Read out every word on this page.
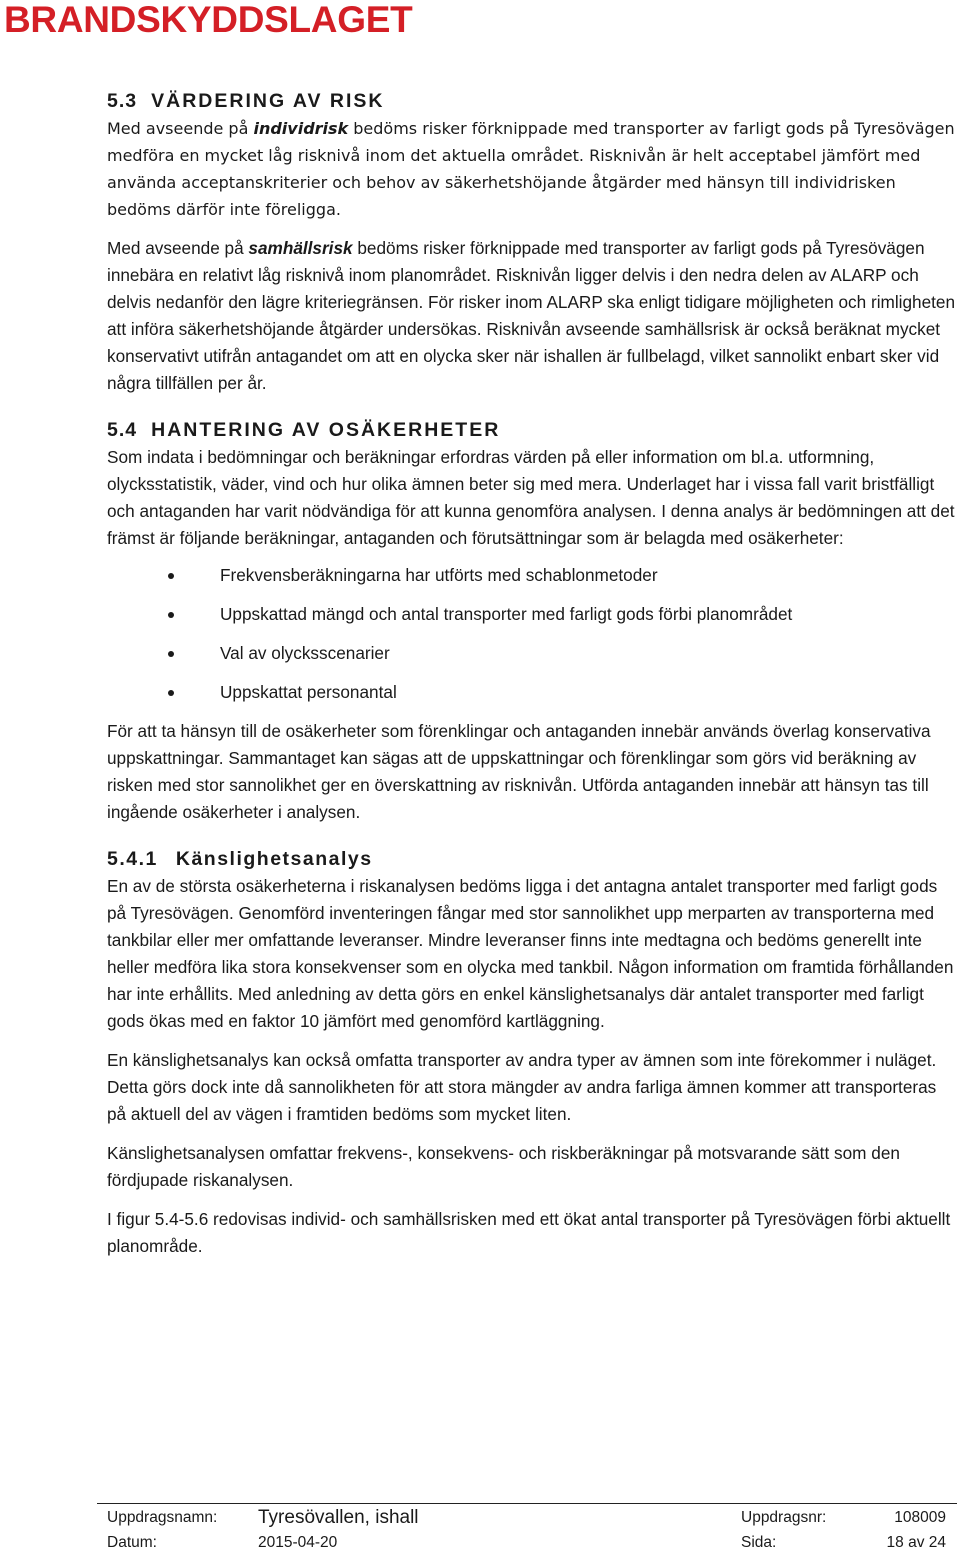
BRANDSKYDDSLAGET
5.3 VÄRDERING AV RISK

Med avseende på individrisk bedöms risker förknippade med transporter av farligt gods på Tyresövägen medföra en mycket låg risknivå inom det aktuella området. Risknivån är helt acceptabel jämfört med använda acceptanskriterier och behov av säkerhetshöjande åtgärder med hänsyn till individrisken bedöms därför inte föreligga.

Med avseende på samhällsrisk bedöms risker förknippade med transporter av farligt gods på Tyresövägen innebära en relativt låg risknivå inom planområdet. Risknivån ligger delvis i den nedra delen av ALARP och delvis nedanför den lägre kriteriegränsen. För risker inom ALARP ska enligt tidigare möjligheten och rimligheten att införa säkerhetshöjande åtgärder undersökas. Risknivån avseende samhällsrisk är också beräknat mycket konservativt utifrån antagandet om att en olycka sker när ishallen är fullbelagd, vilket sannolikt enbart sker vid några tillfällen per år.

5.4 HANTERING AV OSÄKERHETER

Som indata i bedömningar och beräkningar erfordras värden på eller information om bl.a. utformning, olycksstatistik, väder, vind och hur olika ämnen beter sig med mera. Underlaget har i vissa fall varit bristfälligt och antaganden har varit nödvändiga för att kunna genomföra analysen. I denna analys är bedömningen att det främst är följande beräkningar, antaganden och förutsättningar som är belagda med osäkerheter:

Frekvensberäkningarna har utförts med schablonmetoder
Uppskattad mängd och antal transporter med farligt gods förbi planområdet
Val av olycksscenarier
Uppskattat personantal

För att ta hänsyn till de osäkerheter som förenklingar och antaganden innebär används överlag konservativa uppskattningar. Sammantaget kan sägas att de uppskattningar och förenklingar som görs vid beräkning av risken med stor sannolikhet ger en överskattning av risknivån. Utförda antaganden innebär att hänsyn tas till ingående osäkerheter i analysen.

5.4.1 Känslighetsanalys

En av de största osäkerheterna i riskanalysen bedöms ligga i det antagna antalet transporter med farligt gods på Tyresövägen. Genomförd inventeringen fångar med stor sannolikhet upp merparten av transporterna med tankbilar eller mer omfattande leveranser. Mindre leveranser finns inte medtagna och bedöms generellt inte heller medföra lika stora konsekvenser som en olycka med tankbil. Någon information om framtida förhållanden har inte erhållits. Med anledning av detta görs en enkel känslighetsanalys där antalet transporter med farligt gods ökas med en faktor 10 jämfört med genomförd kartläggning.

En känslighetsanalys kan också omfatta transporter av andra typer av ämnen som inte förekommer i nuläget. Detta görs dock inte då sannolikheten för att stora mängder av andra farliga ämnen kommer att transporteras på aktuell del av vägen i framtiden bedöms som mycket liten.

Känslighetsanalysen omfattar frekvens-, konsekvens- och riskberäkningar på motsvarande sätt som den fördjupade riskanalysen.

I figur 5.4-5.6 redovisas individ- och samhällsrisken med ett ökat antal transporter på Tyresövägen förbi aktuellt planområde.

Uppdragsnamn: Tyresövallen, ishall	Uppdragsnr:	108009
Datum:	2015-04-20	Sida:	18 av 24
